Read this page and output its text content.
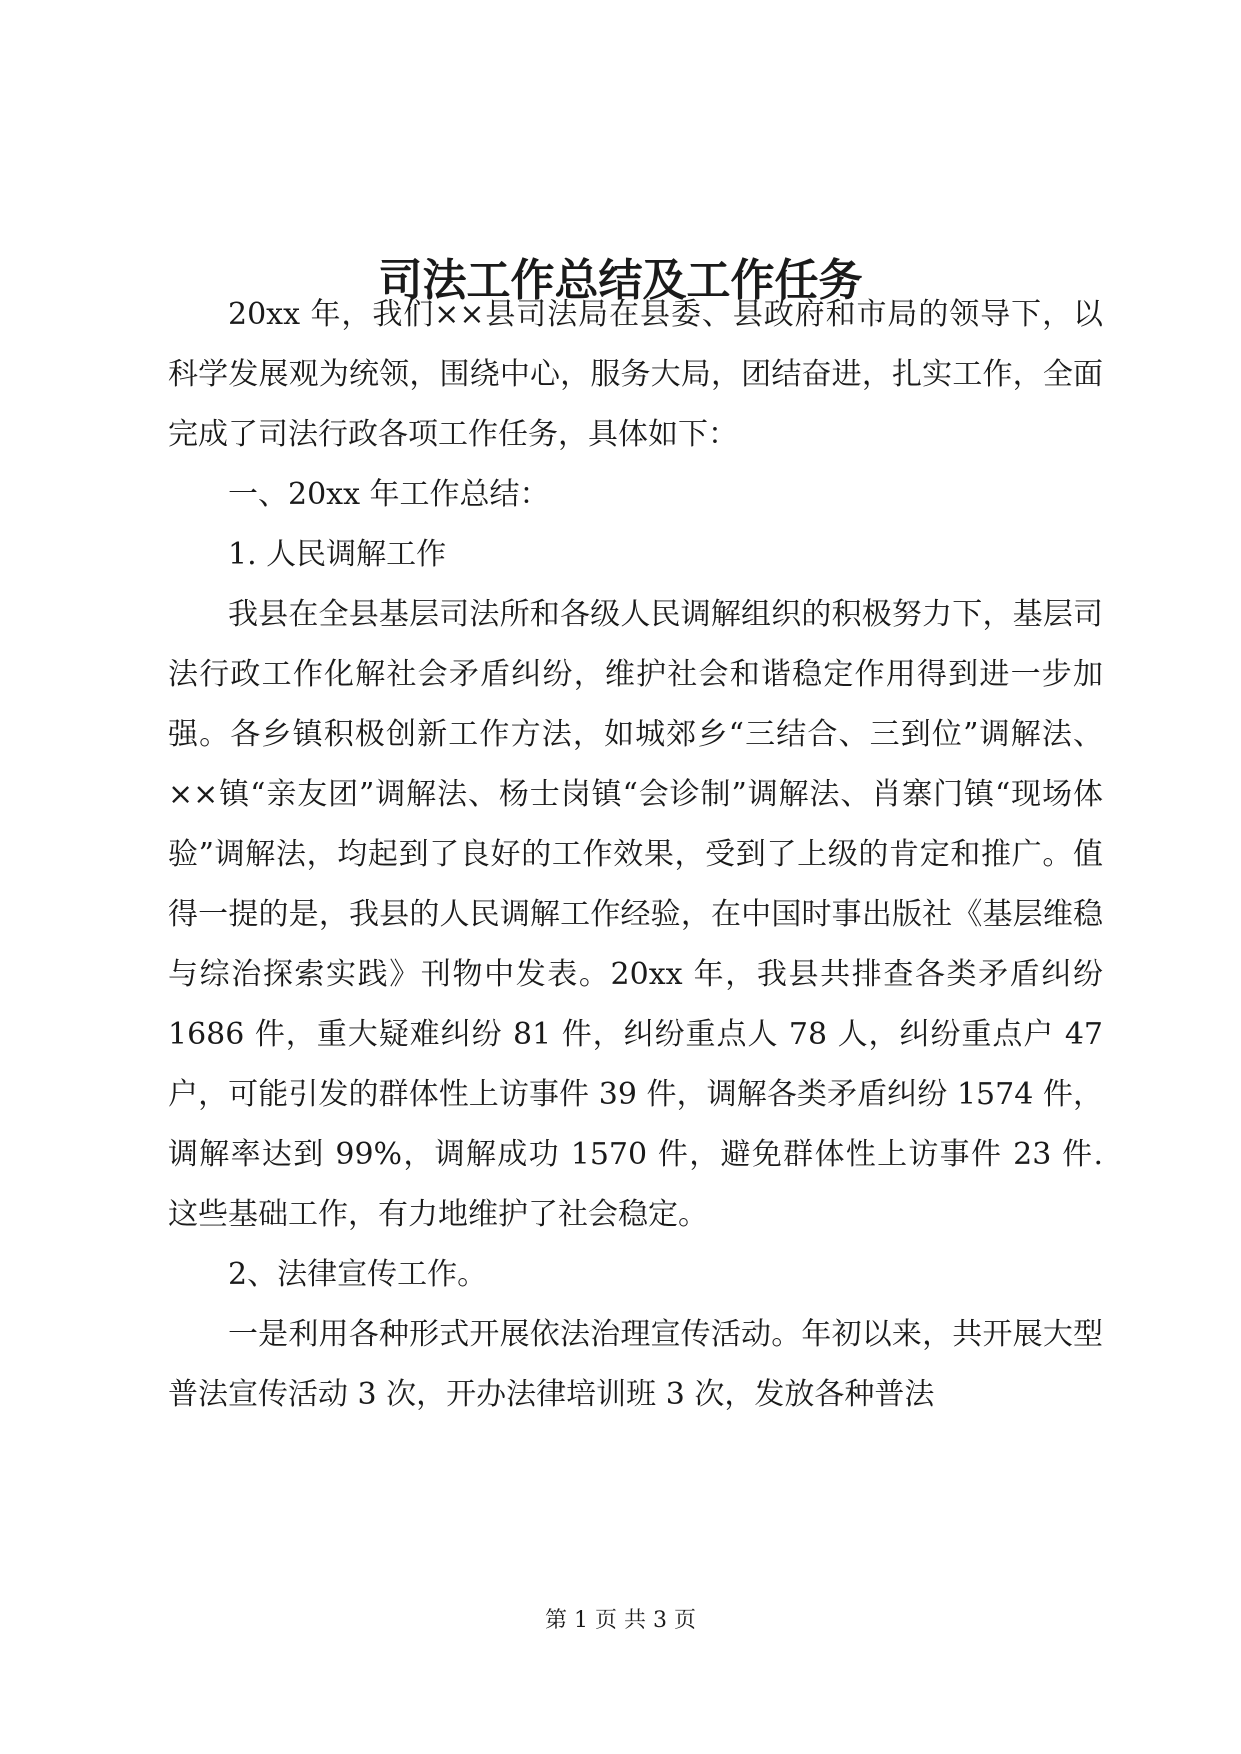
司法工作总结及工作任务

20xx 年，我们××县司法局在县委、县政府和市局的领导下，以科学发展观为统领，围绕中心，服务大局，团结奋进，扎实工作，全面完成了司法行政各项工作任务，具体如下：

一、20xx 年工作总结：

1. 人民调解工作

我县在全县基层司法所和各级人民调解组织的积极努力下，基层司法行政工作化解社会矛盾纠纷，维护社会和谐稳定作用得到进一步加强。各乡镇积极创新工作方法，如城郊乡“三结合、三到位”调解法、××镇“亲友团”调解法、杨士岗镇“会诊制”调解法、肖寨门镇“现场体验”调解法，均起到了良好的工作效果，受到了上级的肯定和推广。值得一提的是，我县的人民调解工作经验，在中国时事出版社《基层维稳与综治探索实践》刊物中发表。20xx 年，我县共排查各类矛盾纠纷 1686 件，重大疑难纠纷 81 件，纠纷重点人 78 人，纠纷重点户 47 户，可能引发的群体性上访事件 39 件，调解各类矛盾纠纷 1574 件，调解率达到 99%，调解成功 1570 件，避免群体性上访事件 23 件. 这些基础工作，有力地维护了社会稳定。

2、法律宣传工作。

一是利用各种形式开展依法治理宣传活动。年初以来，共开展大型普法宣传活动 3 次，开办法律培训班 3 次，发放各种普法

第 1 页 共 3 页
